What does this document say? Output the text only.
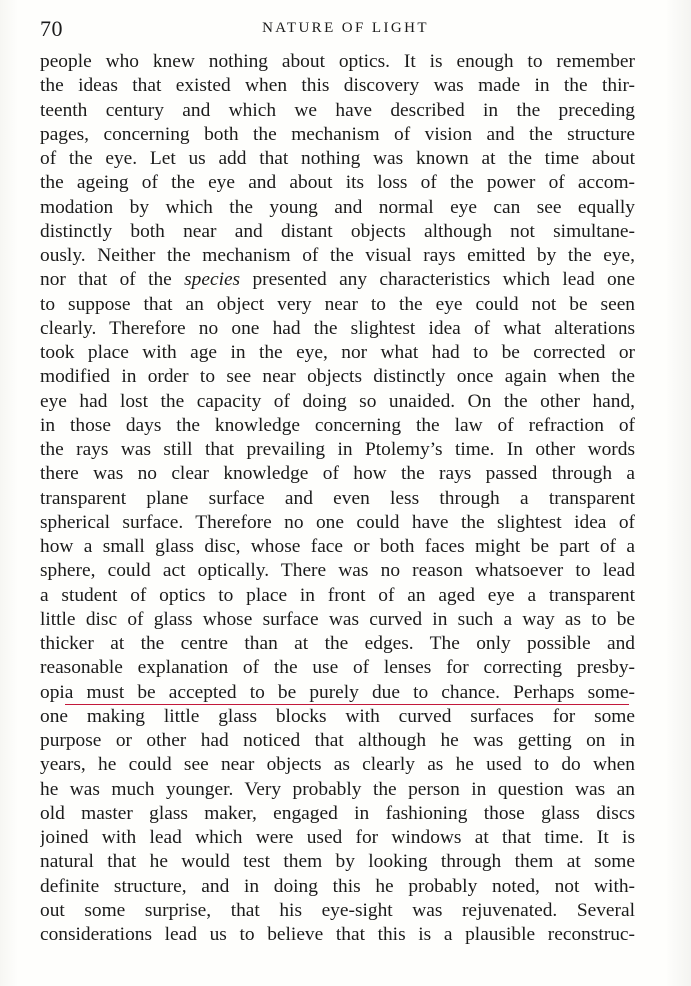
70	NATURE OF LIGHT
people who knew nothing about optics. It is enough to remember
the ideas that existed when this discovery was made in the thir-
teenth century and which we have described in the preceding
pages, concerning both the mechanism of vision and the structure
of the eye. Let us add that nothing was known at the time about
the ageing of the eye and about its loss of the power of accom-
modation by which the young and normal eye can see equally
distinctly both near and distant objects although not simultane-
ously. Neither the mechanism of the visual rays emitted by the eye,
nor that of the species presented any characteristics which lead one
to suppose that an object very near to the eye could not be seen
clearly. Therefore no one had the slightest idea of what alterations
took place with age in the eye, nor what had to be corrected or
modified in order to see near objects distinctly once again when the
eye had lost the capacity of doing so unaided. On the other hand,
in those days the knowledge concerning the law of refraction of
the rays was still that prevailing in Ptolemy’s time. In other words
there was no clear knowledge of how the rays passed through a
transparent plane surface and even less through a transparent
spherical surface. Therefore no one could have the slightest idea of
how a small glass disc, whose face or both faces might be part of a
sphere, could act optically. There was no reason whatsoever to lead
a student of optics to place in front of an aged eye a transparent
little disc of glass whose surface was curved in such a way as to be
thicker at the centre than at the edges. The only possible and
reasonable explanation of the use of lenses for correcting presby-
opia must be accepted to be purely due to chance. Perhaps some-
one making little glass blocks with curved surfaces for some
purpose or other had noticed that although he was getting on in
years, he could see near objects as clearly as he used to do when
he was much younger. Very probably the person in question was an
old master glass maker, engaged in fashioning those glass discs
joined with lead which were used for windows at that time. It is
natural that he would test them by looking through them at some
definite structure, and in doing this he probably noted, not with-
out some surprise, that his eye-sight was rejuvenated. Several
considerations lead us to believe that this is a plausible reconstruc-
